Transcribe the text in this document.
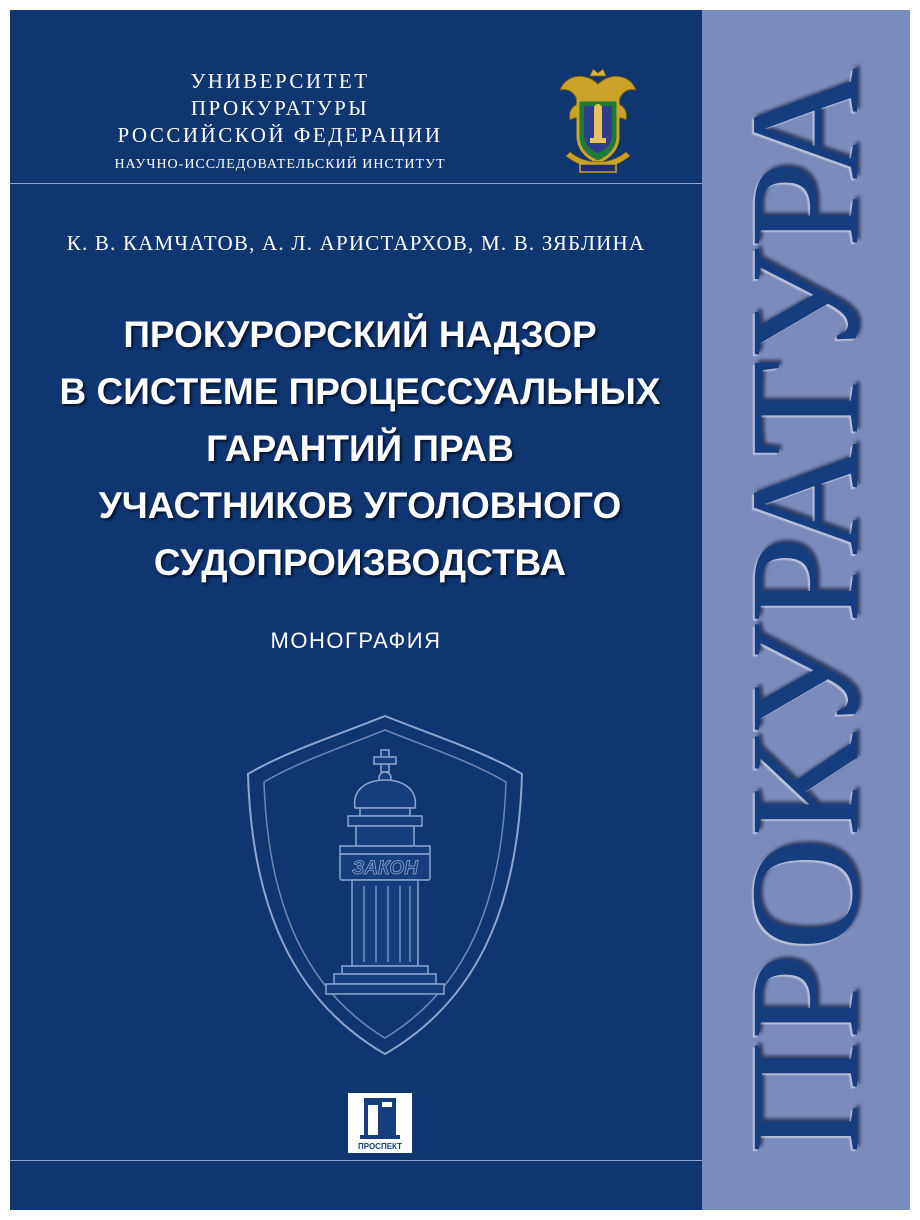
ПРОКУРАТУРА
УНИВЕРСИТЕТ ПРОКУРАТУРЫ
РОССИЙСКОЙ ФЕДЕРАЦИИ
НАУЧНО-ИССЛЕДОВАТЕЛЬСКИЙ ИНСТИТУТ
К. В. КАМЧАТОВ, А. Л. АРИСТАРХОВ, М. В. ЗЯБЛИНА
ПРОКУРОРСКИЙ НАДЗОР
В СИСТЕМЕ ПРОЦЕССУАЛЬНЫХ
ГАРАНТИЙ ПРАВ
УЧАСТНИКОВ УГОЛОВНОГО
СУДОПРОИЗВОДСТВА
МОНОГРАФИЯ
ЗАКОН
ПРОСПЕКТ
